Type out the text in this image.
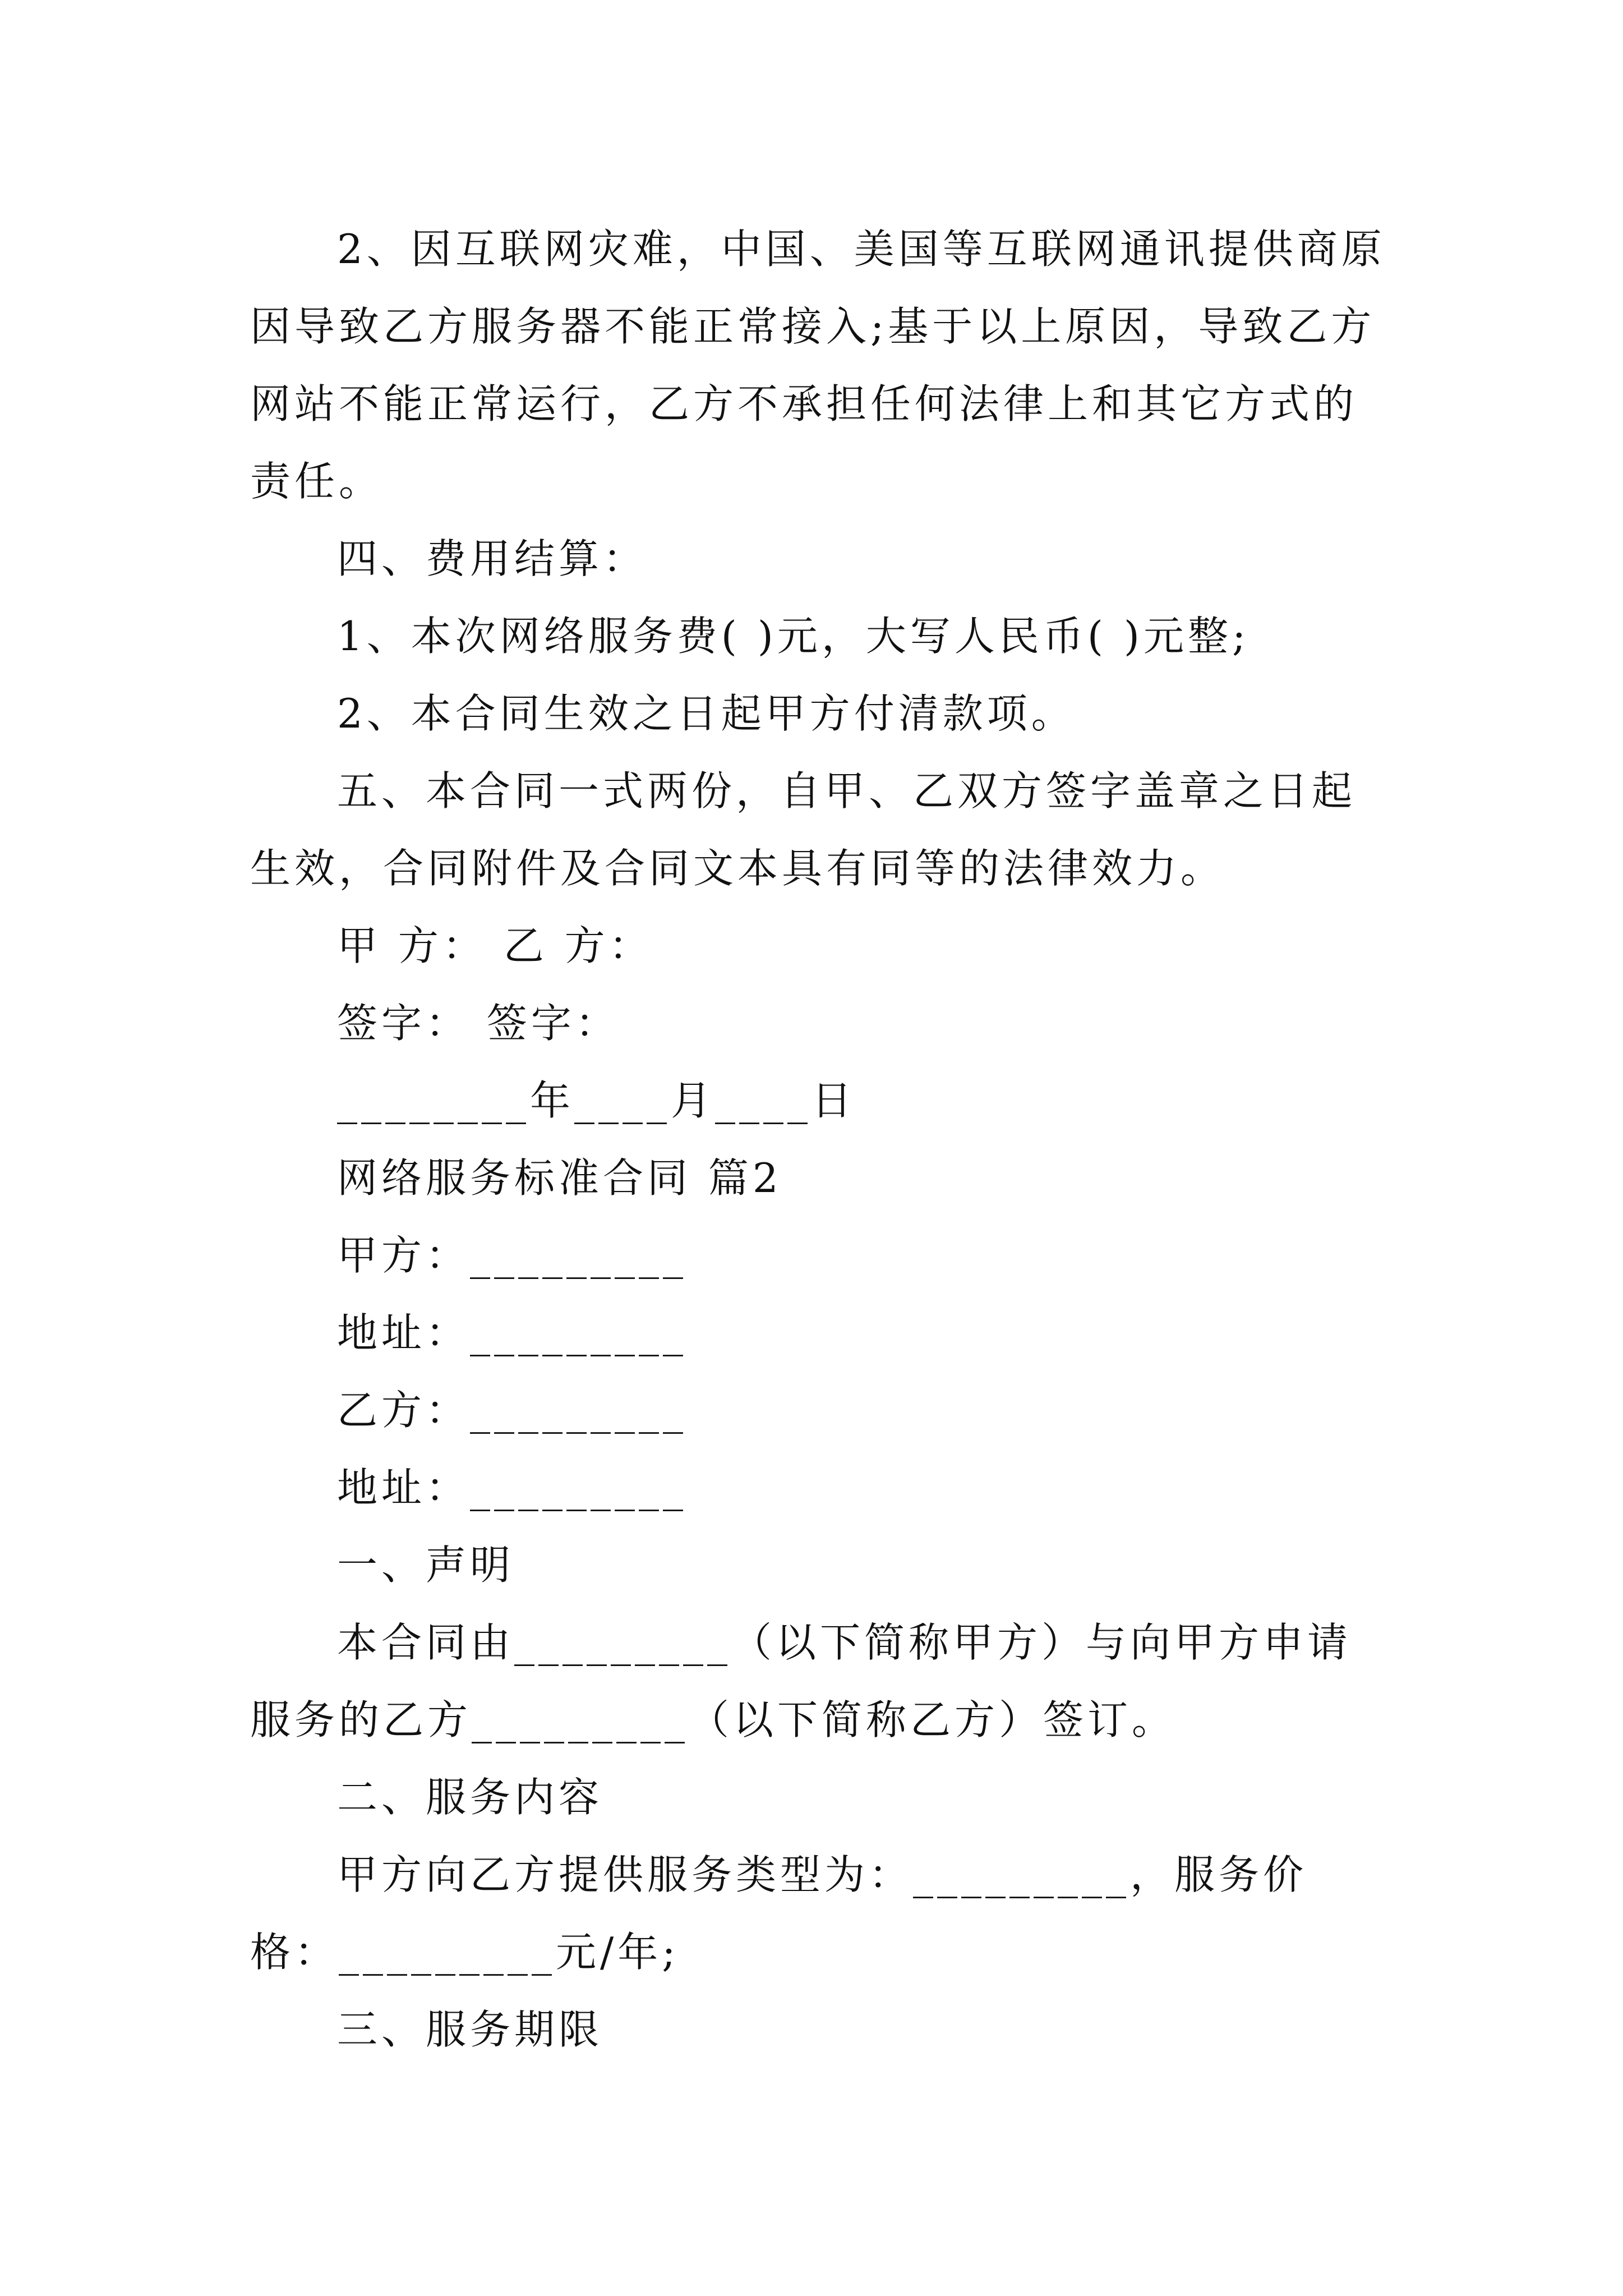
2、因互联网灾难，中国、美国等互联网通讯提供商原因导致乙方服务器不能正常接入;基于以上原因，导致乙方网站不能正常运行，乙方不承担任何法律上和其它方式的责任。

四、费用结算：

1、本次网络服务费( )元，大写人民币( )元整;

2、本合同生效之日起甲方付清款项。

五、本合同一式两份，自甲、乙双方签字盖章之日起生效，合同附件及合同文本具有同等的法律效力。

甲 方： 乙 方：

签字： 签字：

________年____月____日

网络服务标准合同 篇2

甲方：_________

地址：_________

乙方：_________

地址：_________

一、声明

本合同由_________（以下简称甲方）与向甲方申请服务的乙方_________（以下简称乙方）签订。

二、服务内容

甲方向乙方提供服务类型为：_________，服务价格：_________元/年;

三、服务期限
